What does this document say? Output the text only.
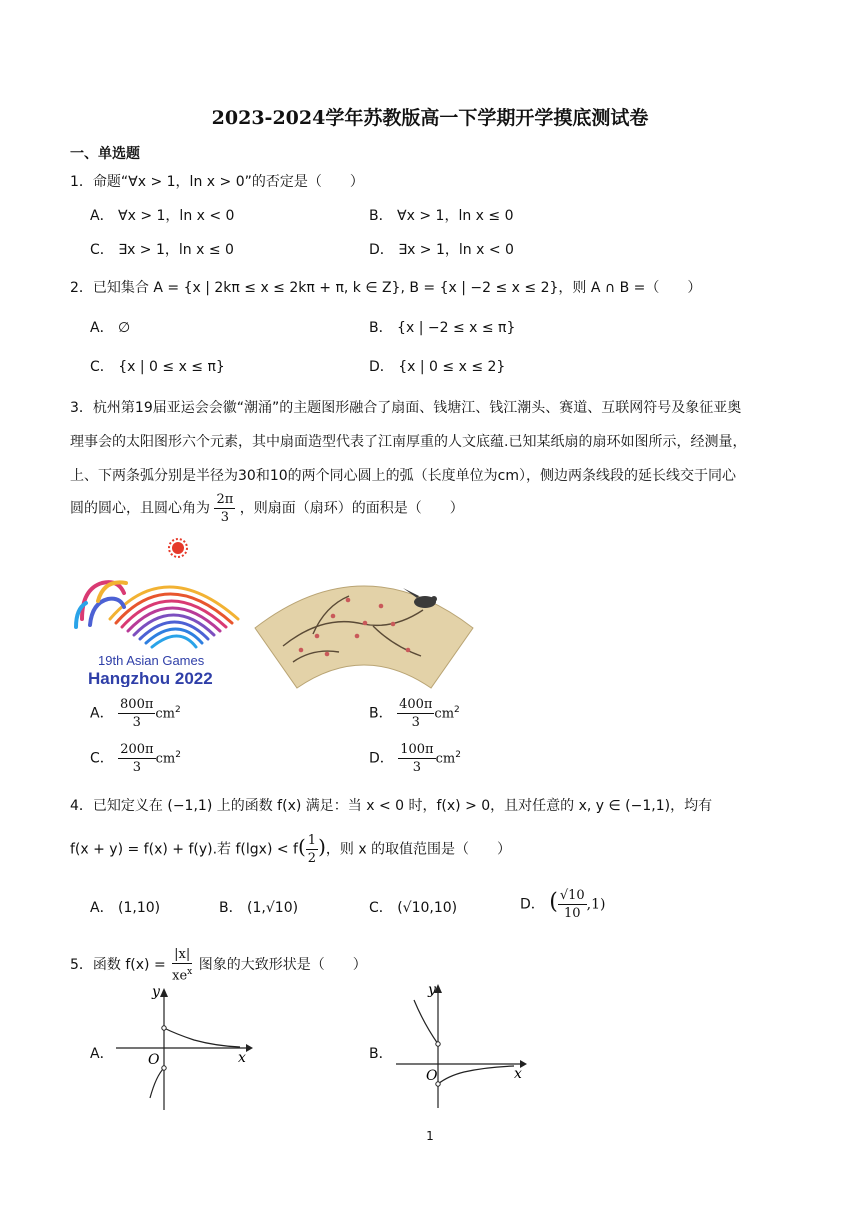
2023-2024学年苏教版高一下学期开学摸底测试卷
一、单选题
1．命题“∀x > 1，ln x > 0”的否定是（　　）
A． ∀x > 1，ln x < 0	B． ∀x > 1，ln x ≤ 0
C． ∃x > 1，ln x ≤ 0	D． ∃x > 1，ln x < 0
2．已知集合 A = {x | 2kπ ≤ x ≤ 2kπ + π, k ∈ Z}, B = {x | −2 ≤ x ≤ 2}，则 A ∩ B =（　　）
A． ∅	B． {x | −2 ≤ x ≤ π}
C． {x | 0 ≤ x ≤ π}	D． {x | 0 ≤ x ≤ 2}
3．杭州第19届亚运会会徽“潮涌”的主题图形融合了扇面、钱塘江、钱江潮头、赛道、互联网符号及象征亚奥
理事会的太阳图形六个元素，其中扇面造型代表了江南厚重的人文底蕴.已知某纸扇的扇环如图所示，经测量，
上、下两条弧分别是半径为30和10的两个同心圆上的弧（长度单位为cm），侧边两条线段的延长线交于同心
圆的圆心，且圆心角为 $\frac{2\pi}{3}$ ，则扇面（扇环）的面积是（　　）
19th Asian Games
Hangzhou 2022
A． $\frac{800\pi}{3} cm^2$	B． $\frac{400\pi}{3} cm^2$
C． $\frac{200\pi}{3} cm^2$	D． $\frac{100\pi}{3} cm^2$
4．已知定义在 (−1,1) 上的函数 f(x) 满足：当 x < 0 时，f(x) > 0，且对任意的 x, y ∈ (−1,1)，均有
f(x + y) = f(x) + f(y).若 $f(\lg x) < f( \frac{1}{2}$ )，则 x 的取值范围是（　　）
A． (1,10)	B． (1,√10)	C． (√10,10)	D． ( $\frac{√10}{10} ,1$)
5．函数 $f(x) = \frac{|x|}{xe^x}$ 图象的大致形状是（　　）
A．
y
x
O	B．
y
x
O
1
